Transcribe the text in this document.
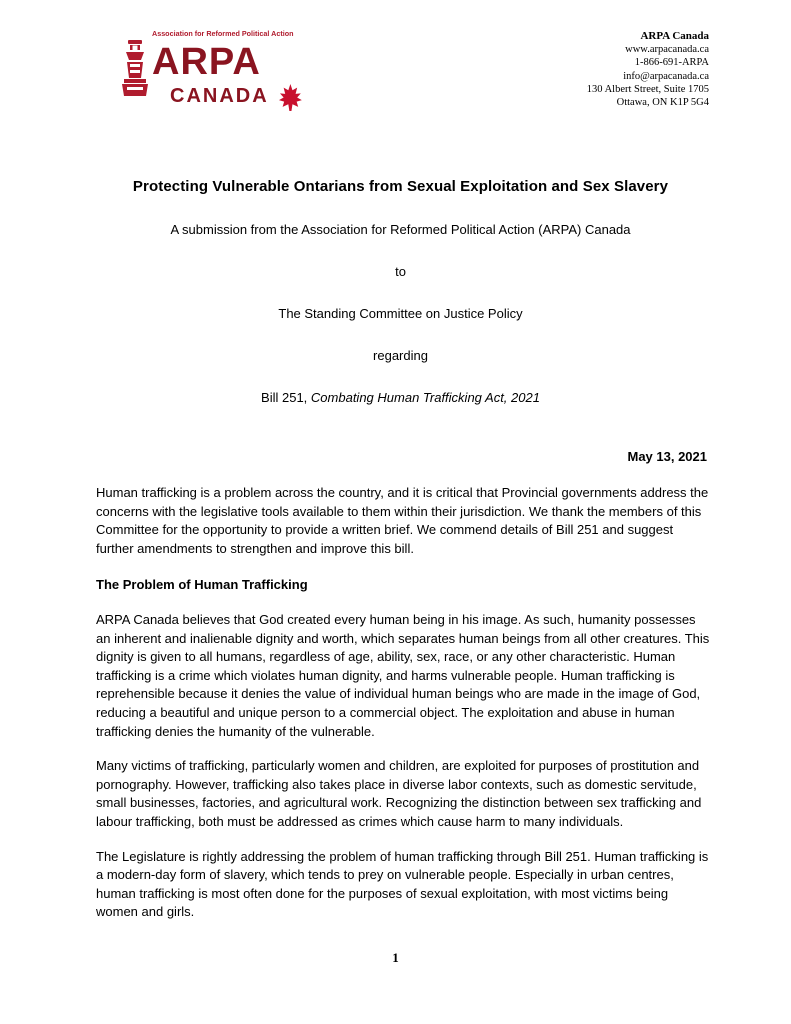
Association for Reformed Political Action
ARPA
CANADA
ARPA Canada
www.arpacanada.ca
1-866-691-ARPA
info@arpacanada.ca
130 Albert Street, Suite 1705
Ottawa, ON K1P 5G4
Protecting Vulnerable Ontarians from Sexual Exploitation and Sex Slavery
A submission from the Association for Reformed Political Action (ARPA) Canada
to
The Standing Committee on Justice Policy
regarding
Bill 251, Combating Human Trafficking Act, 2021
May 13, 2021

Human trafficking is a problem across the country, and it is critical that Provincial governments address the concerns with the legislative tools available to them within their jurisdiction. We thank the members of this Committee for the opportunity to provide a written brief. We commend details of Bill 251 and suggest further amendments to strengthen and improve this bill.

The Problem of Human Trafficking

ARPA Canada believes that God created every human being in his image. As such, humanity possesses an inherent and inalienable dignity and worth, which separates human beings from all other creatures. This dignity is given to all humans, regardless of age, ability, sex, race, or any other characteristic. Human trafficking is a crime which violates human dignity, and harms vulnerable people. Human trafficking is reprehensible because it denies the value of individual human beings who are made in the image of God, reducing a beautiful and unique person to a commercial object. The exploitation and abuse in human trafficking denies the humanity of the vulnerable.

Many victims of trafficking, particularly women and children, are exploited for purposes of prostitution and pornography. However, trafficking also takes place in diverse labor contexts, such as domestic servitude, small businesses, factories, and agricultural work. Recognizing the distinction between sex trafficking and labour trafficking, both must be addressed as crimes which cause harm to many individuals.

The Legislature is rightly addressing the problem of human trafficking through Bill 251. Human trafficking is a modern-day form of slavery, which tends to prey on vulnerable people. Especially in urban centres, human trafficking is most often done for the purposes of sexual exploitation, with most victims being women and girls.

1
